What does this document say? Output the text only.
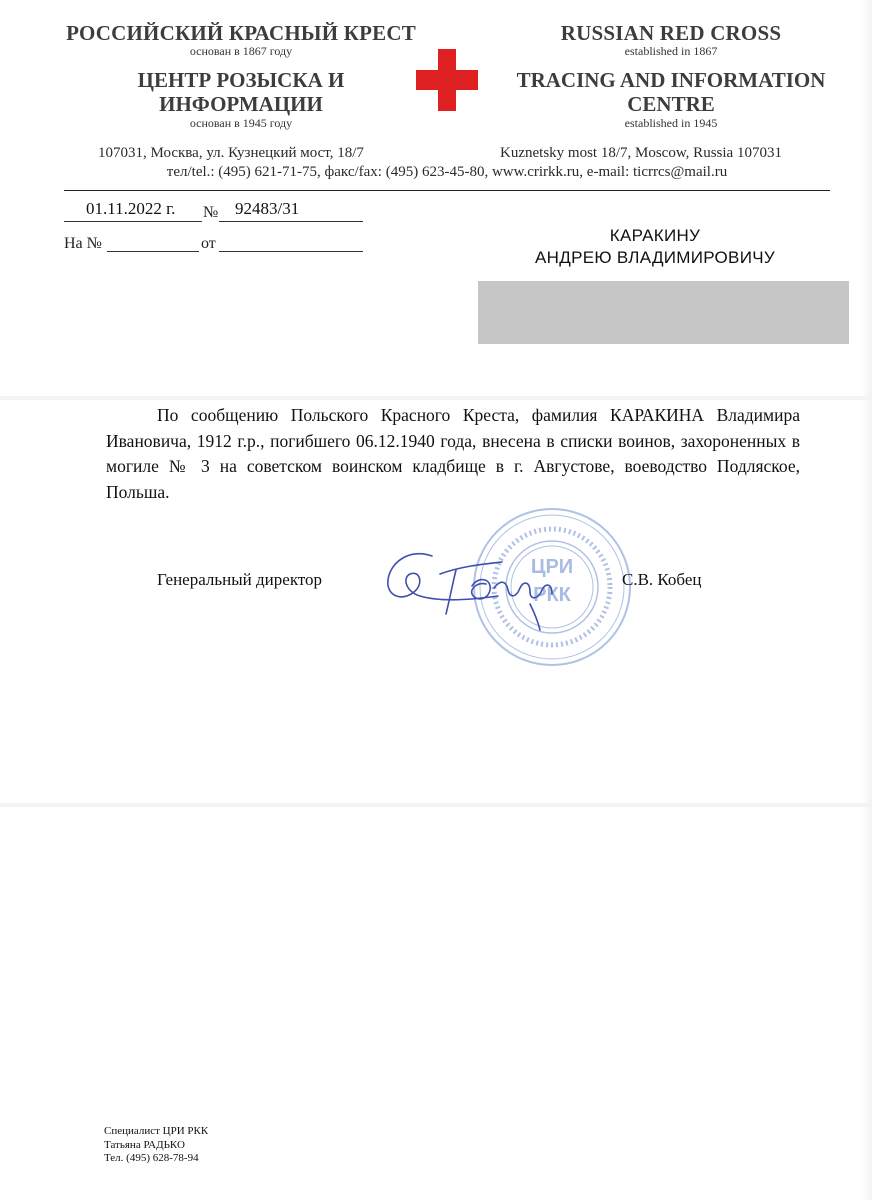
РОССИЙСКИЙ КРАСНЫЙ КРЕСТ
основан в 1867 году
ЦЕНТР РОЗЫСКА И
ИНФОРМАЦИИ
основан в 1945 году
RUSSIAN RED CROSS
established in 1867
TRACING AND INFORMATION
CENTRE
established in 1945
107031, Москва, ул. Кузнецкий мост, 18/7	Kuznetsky most 18/7, Moscow, Russia 107031
тел/tel.: (495) 621-71-75, факс/fax: (495) 623-45-80, www.crirkk.ru, e-mail: ticrrcs@mail.ru
01.11.2022 г. № 92483/31
На №	от	КАРАКИНУ
АНДРЕЮ ВЛАДИМИРОВИЧУ

По сообщению Польского Красного Креста, фамилия КАРАКИНА Владимира Ивановича, 1912 г.р., погибшего 06.12.1940 года, внесена в списки воинов, захороненных в могиле № 3 на советском воинском кладбище в г. Августове, воеводство Подляское, Польша.

ЦРИ
РКК
Генеральный директор	С.В. Кобец
Специалист ЦРИ РКК
Татьяна РАДЬКО
Тел. (495) 628-78-94
